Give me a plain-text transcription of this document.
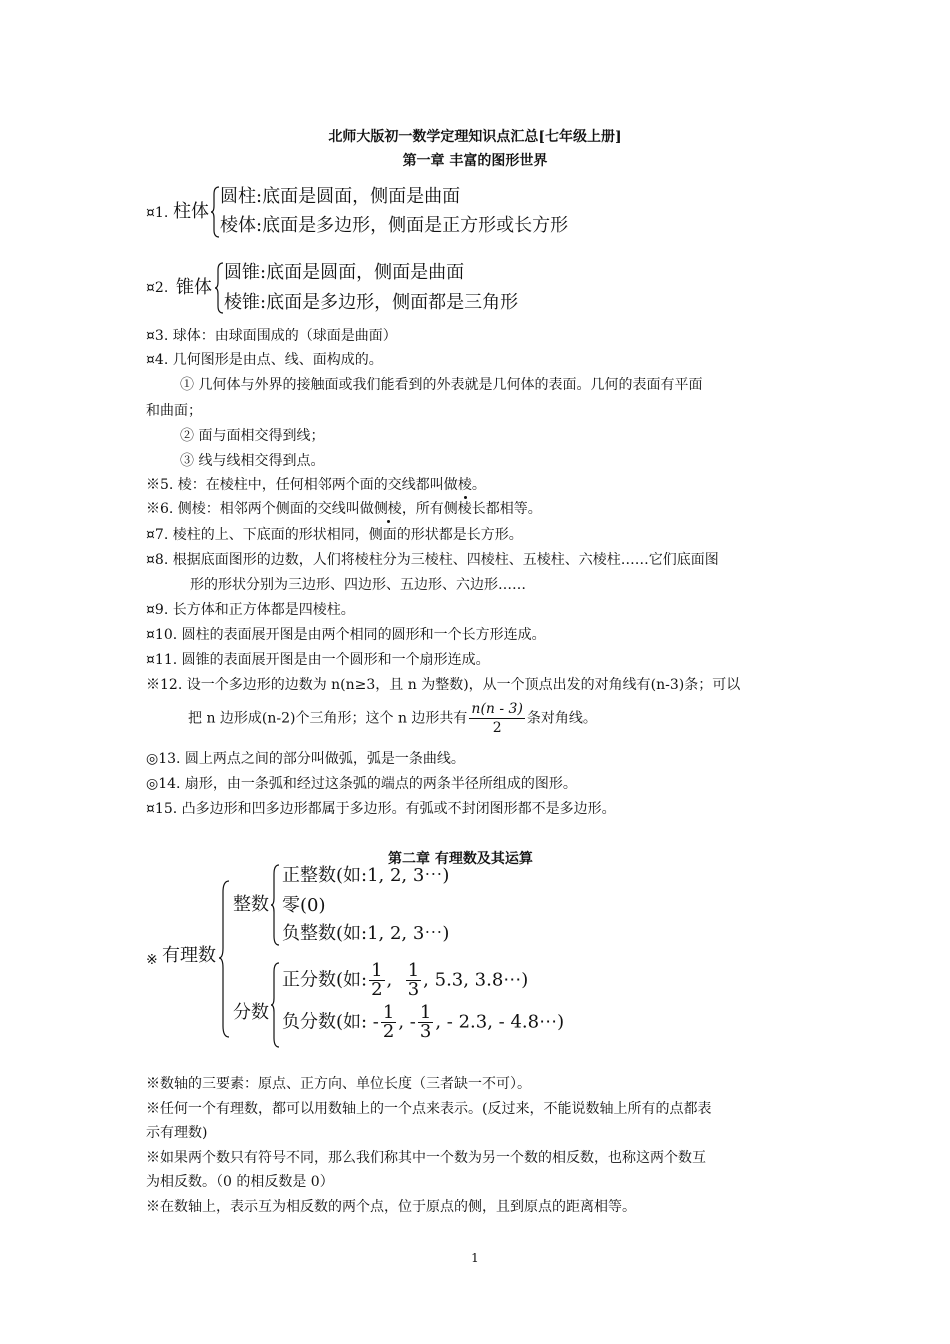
北师大版初一数学定理知识点汇总[七年级上册]
第一章 丰富的图形世界
¤1. 柱体
圆柱:底面是圆面，侧面是曲面
棱体:底面是多边形，侧面是正方形或长方形
¤2. 锥体
圆锥:底面是圆面，侧面是曲面
棱锥:底面是多边形，侧面都是三角形
¤3. 球体：由球面围成的（球面是曲面）
¤4. 几何图形是由点、线、面构成的。
① 几何体与外界的接触面或我们能看到的外表就是几何体的表面。几何的表面有平面
和曲面；
② 面与面相交得到线；
③ 线与线相交得到点。
※5. 棱：在棱柱中，任何相邻两个面的交线都叫做棱。
※6. 侧棱：相邻两个侧面的交线叫做侧棱，所有侧棱长都相等。
¤7. 棱柱的上、下底面的形状相同，侧面的形状都是长方形。
¤8. 根据底面图形的边数，人们将棱柱分为三棱柱、四棱柱、五棱柱、六棱柱……它们底面图
形的形状分别为三边形、四边形、五边形、六边形……
¤9. 长方体和正方体都是四棱柱。
¤10. 圆柱的表面展开图是由两个相同的圆形和一个长方形连成。
¤11. 圆锥的表面展开图是由一个圆形和一个扇形连成。
※12. 设一个多边形的边数为 n(n≥3，且 n 为整数)，从一个顶点出发的对角线有(n-3)条；可以
把 n 边形成(n-2)个三角形；这个 n 边形共有 $\frac{n(n - 3)}{2}$ 条对角线。
◎13. 圆上两点之间的部分叫做弧，弧是一条曲线。
◎14. 扇形，由一条弧和经过这条弧的端点的两条半径所组成的图形。
¤15. 凸多边形和凹多边形都属于多边形。有弧或不封闭图形都不是多边形。
第二章 有理数及其运算
※ 有理数
整数
正整数(如:1, 2, 3⋯)
零(0)
负整数(如:1, 2, 3⋯)
分数
正分数(如: $\frac{1}{2}$ , $\frac{1}{3}$ , 5.3, 3.8⋯)
负分数(如: - $\frac{1}{2}$ , - $\frac{1}{3}$ , - 2.3, - 4.8⋯)
※数轴的三要素：原点、正方向、单位长度（三者缺一不可）。
※任何一个有理数，都可以用数轴上的一个点来表示。(反过来，不能说数轴上所有的点都表
示有理数)
※如果两个数只有符号不同，那么我们称其中一个数为另一个数的相反数，也称这两个数互
为相反数。（0 的相反数是 0）
※在数轴上，表示互为相反数的两个点，位于原点的侧，且到原点的距离相等。
1
